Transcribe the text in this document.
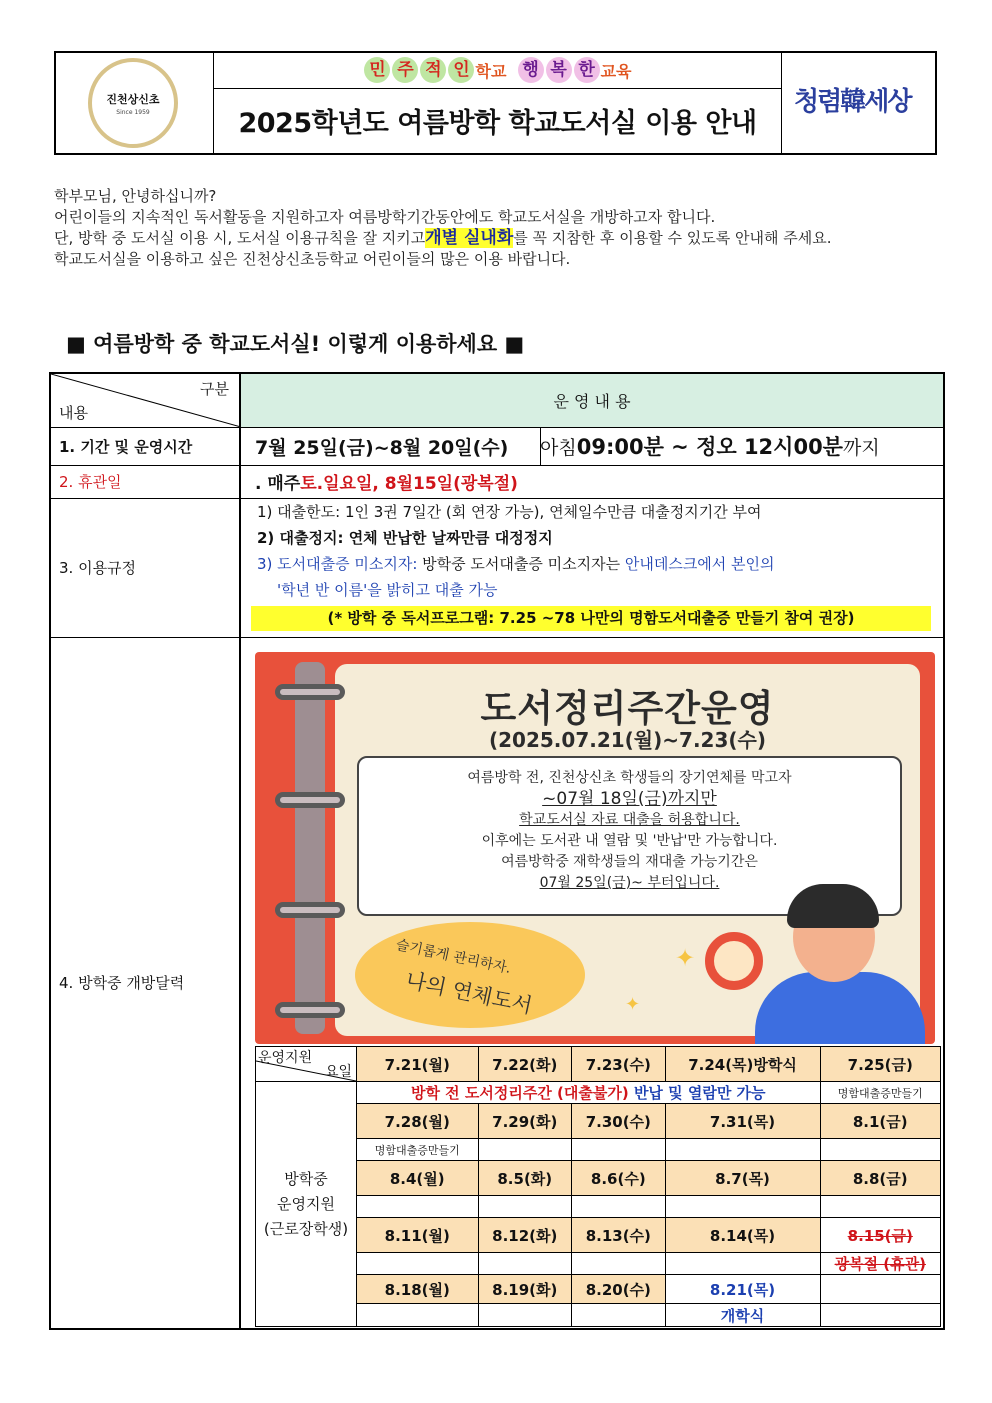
진천상신초
Since 1959
민 주 적 인 학교 행 복 한 교육
2025학년도 여름방학 학교도서실 이용 안내
청렴韓세상

학부모님, 안녕하십니까?

어린이들의 지속적인 독서활동을 지원하고자 여름방학기간동안에도 학교도서실을 개방하고자 합니다.

단, 방학 중 도서실 이용 시, 도서실 이용규칙을 잘 지키고개별 실내화를 꼭 지참한 후 이용할 수 있도록 안내해 주세요.

학교도서실을 이용하고 싶은 진천상신초등학교 어린이들의 많은 이용 바랍니다.

■ 여름방학 중 학교도서실! 이렇게 이용하세요 ■
구분
내용
운 영 내 용
1. 기간 및 운영시간	7월 25일(금)~8월 20일(수)	아침 09:00분 ~ 정오 12시00분 까지
2. 휴관일	. 매주 토.일요일, 8월15일(광복절)
3. 이용규정
1) 대출한도: 1인 3권 7일간 (회 연장 가능), 연체일수만큼 대출정지기간 부여
2) 대출정지: 연체 반납한 날짜만큼 대정정지
3) 도서대출증 미소지자: 방학중 도서대출증 미소지자는 안내데스크에서 본인의
'학년 반 이름'을 밝히고 대출 가능
(* 방학 중 독서프로그램: 7.25 ~78 나만의 명함도서대출증 만들기 참여 권장)
4. 방학중 개방달력
도서정리주간운영
(2025.07.21(월)~7.23(수)
여름방학 전, 진천상신초 학생들의 장기연체를 막고자
~07월 18일(금)까지만
학교도서실 자료 대출을 허용합니다.
이후에는 도서관 내 열람 및 '반납'만 가능합니다.
여름방학중 재학생들의 재대출 가능기간은
07월 25일(금)~ 부터입니다.
슬기롭게 관리하자.
나의 연체도서
✦
✦
운영지원
요일	7.21(월)	7.22(화)	7.23(수)	7.24(목)방학식	7.25(금)
방학중
운영지원
(근로장학생)	방학 전 도서정리주간 (대출불가) 반납 및 열람만 가능				명함대출증만들기
	7.28(월)	7.29(화)	7.30(수)	7.31(목)	8.1(금)
	명함대출증만들기				
	8.4(월)	8.5(화)	8.6(수)	8.7(목)	8.8(금)

	8.11(월)	8.12(화)	8.13(수)	8.14(목)	8.15(금)
					광복절 (휴관)
	8.18(월)	8.19(화)	8.20(수)	8.21(목)	
				개학식	
